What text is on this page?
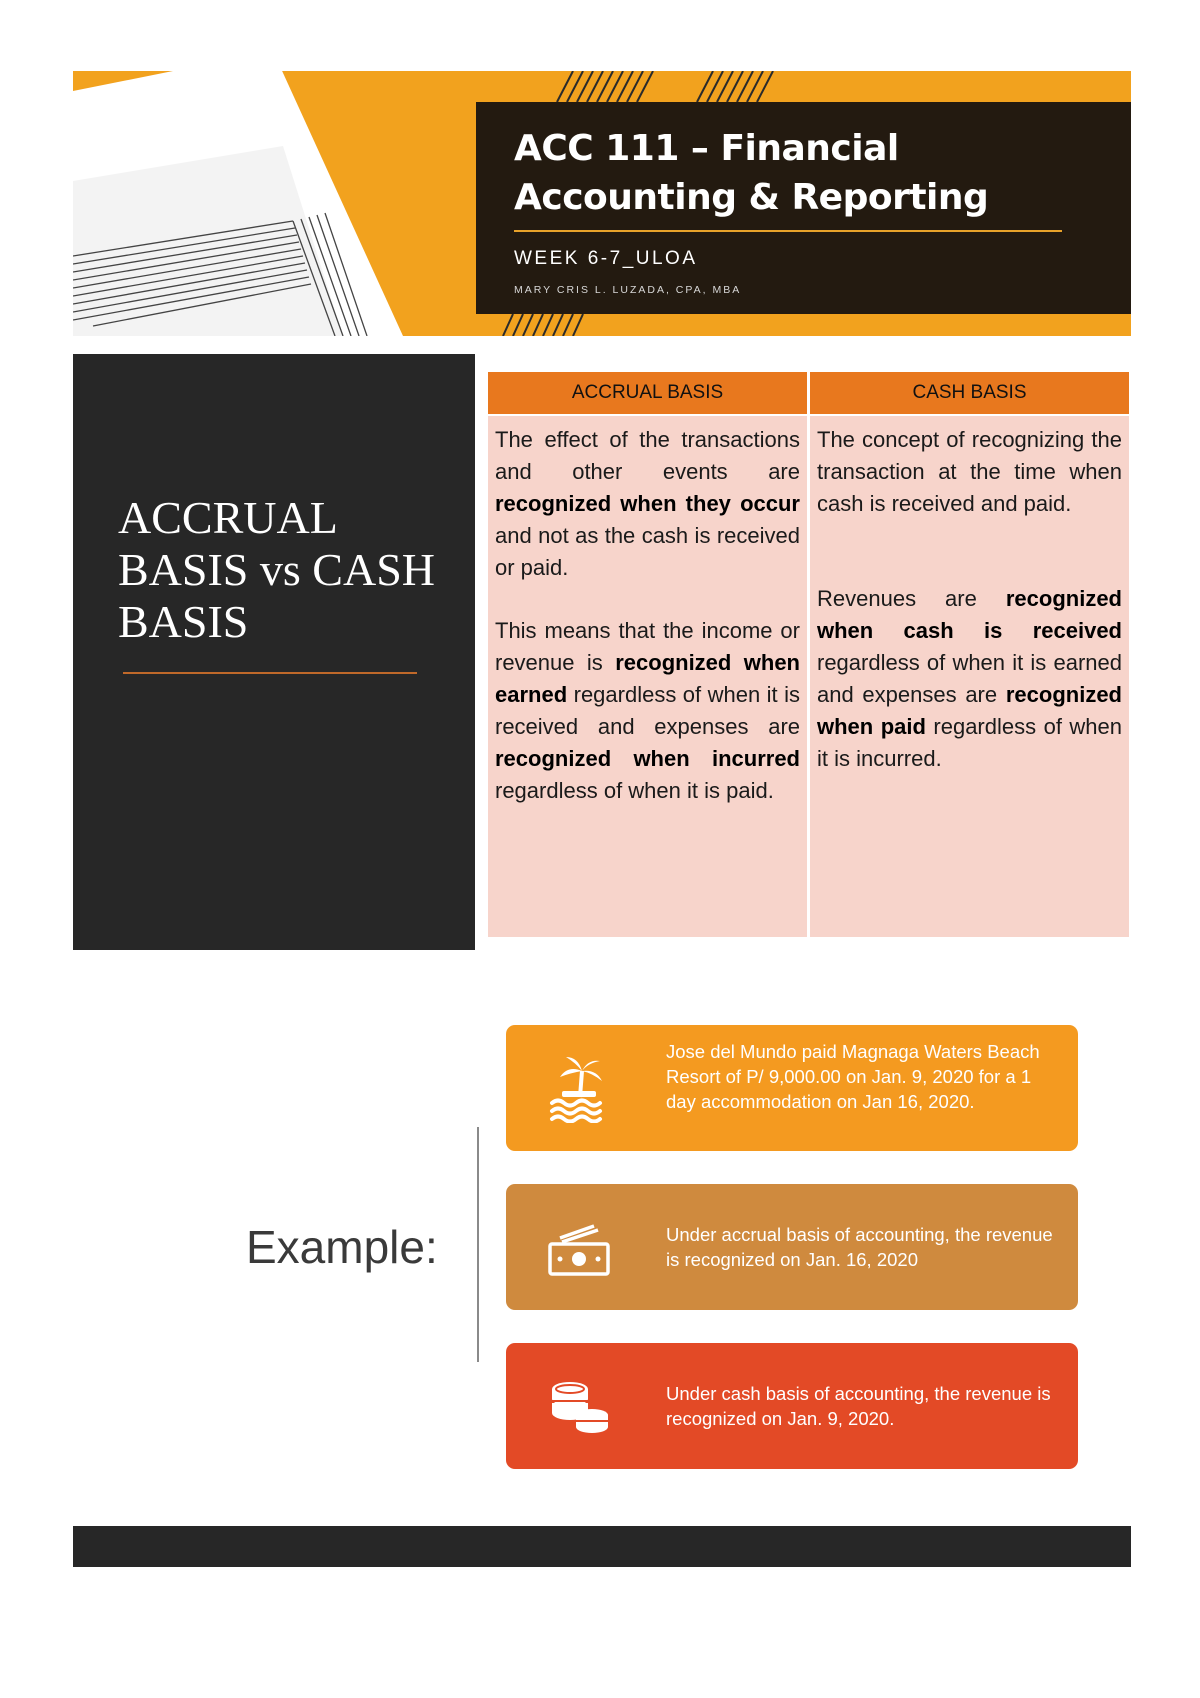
ACC 111 – Financial
Accounting & Reporting
WEEK 6-7_ULOA
MARY CRIS L. LUZADA, CPA, MBA
ACCRUAL BASIS vs CASH BASIS
ACCRUAL BASIS
The effect of the transactions and other events are recognized when they occur and not as the cash is received or paid.
This means that the income or revenue is recognized when earned regardless of when it is received and expenses are recognized when incurred regardless of when it is paid.
CASH BASIS
The concept of recognizing the transaction at the time when cash is received and paid.
Revenues are recognized when cash is received regardless of when it is earned and expenses are recognized when paid regardless of when it is incurred.
Example:
Jose del Mundo paid Magnaga Waters Beach Resort of P/ 9,000.00 on Jan. 9, 2020 for a 1 day accommodation on Jan 16, 2020.
Under accrual basis of accounting, the revenue is recognized on Jan. 16, 2020
Under cash basis of accounting, the revenue is recognized on Jan. 9, 2020.
